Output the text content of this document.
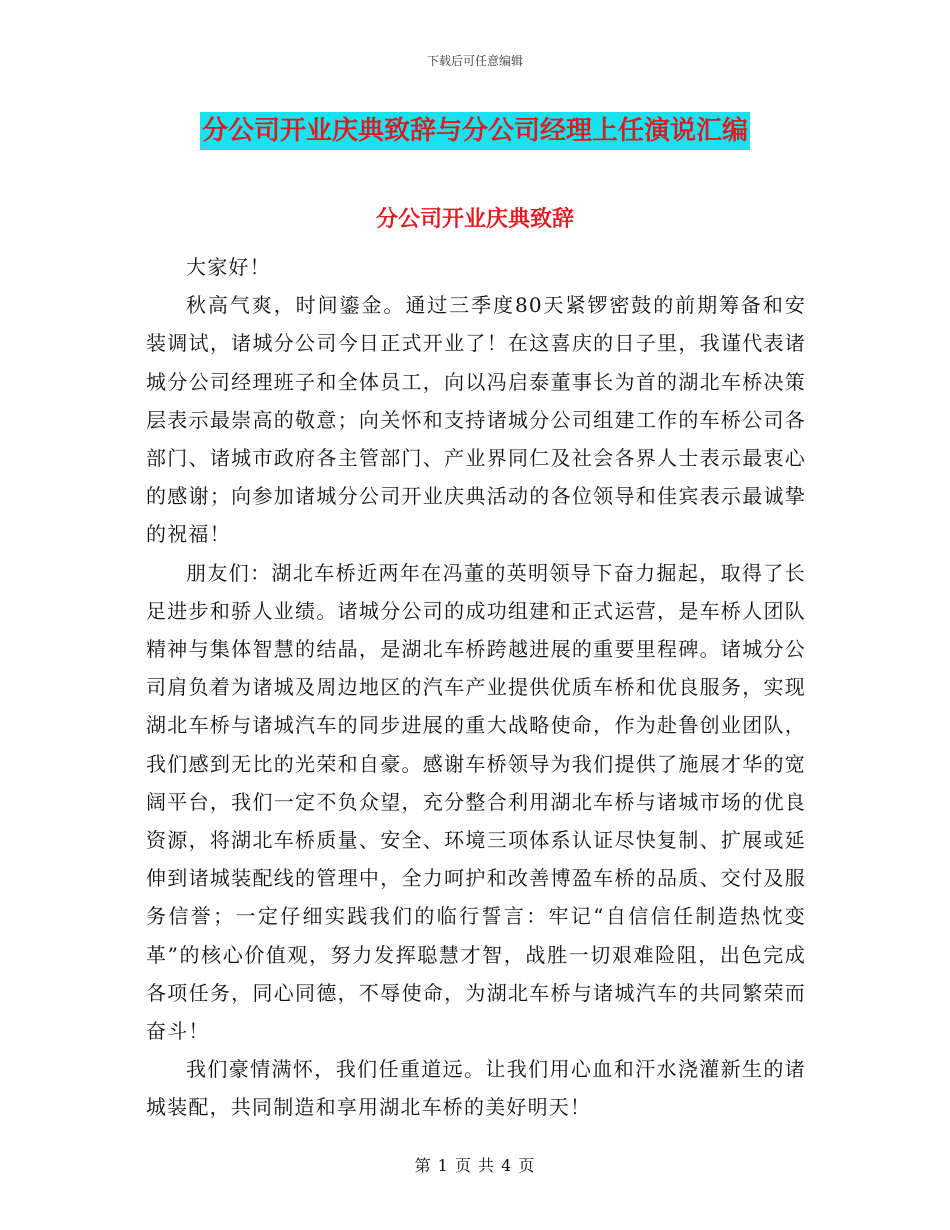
下载后可任意编辑
分公司开业庆典致辞与分公司经理上任演说汇编
分公司开业庆典致辞

大家好！

秋高气爽，时间鎏金。通过三季度80天紧锣密鼓的前期筹备和安装调试，诸城分公司今日正式开业了！在这喜庆的日子里，我谨代表诸城分公司经理班子和全体员工，向以冯启泰董事长为首的湖北车桥决策层表示最崇高的敬意；向关怀和支持诸城分公司组建工作的车桥公司各部门、诸城市政府各主管部门、产业界同仁及社会各界人士表示最衷心的感谢；向参加诸城分公司开业庆典活动的各位领导和佳宾表示最诚挚的祝福！

朋友们：湖北车桥近两年在冯董的英明领导下奋力掘起，取得了长足进步和骄人业绩。诸城分公司的成功组建和正式运营，是车桥人团队精神与集体智慧的结晶，是湖北车桥跨越进展的重要里程碑。诸城分公司肩负着为诸城及周边地区的汽车产业提供优质车桥和优良服务，实现湖北车桥与诸城汽车的同步进展的重大战略使命，作为赴鲁创业团队，我们感到无比的光荣和自豪。感谢车桥领导为我们提供了施展才华的宽阔平台，我们一定不负众望，充分整合利用湖北车桥与诸城市场的优良资源，将湖北车桥质量、安全、环境三项体系认证尽快复制、扩展或延伸到诸城装配线的管理中，全力呵护和改善博盈车桥的品质、交付及服务信誉；一定仔细实践我们的临行誓言：牢记“自信信任制造热忱变革”的核心价值观，努力发挥聪慧才智，战胜一切艰难险阻，出色完成各项任务，同心同德，不辱使命，为湖北车桥与诸城汽车的共同繁荣而奋斗！

我们豪情满怀，我们任重道远。让我们用心血和汗水浇灌新生的诸城装配，共同制造和享用湖北车桥的美好明天！

第 1 页 共 4 页
